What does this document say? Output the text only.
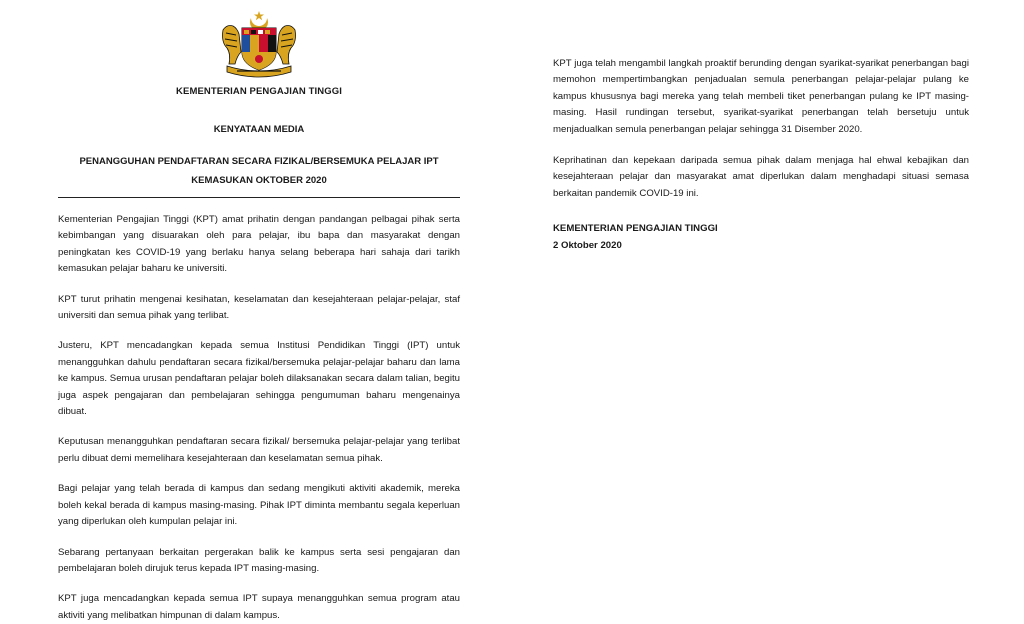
KEMENTERIAN PENGAJIAN TINGGI
KENYATAAN MEDIA
PENANGGUHAN PENDAFTARAN SECARA FIZIKAL/BERSEMUKA PELAJAR IPT
KEMASUKAN OKTOBER 2020

Kementerian Pengajian Tinggi (KPT) amat prihatin dengan pandangan pelbagai pihak serta kebimbangan yang disuarakan oleh para pelajar, ibu bapa dan masyarakat dengan peningkatan kes COVID-19 yang berlaku hanya selang beberapa hari sahaja dari tarikh kemasukan pelajar baharu ke universiti.

KPT turut prihatin mengenai kesihatan, keselamatan dan kesejahteraan pelajar-pelajar, staf universiti dan semua pihak yang terlibat.

Justeru, KPT mencadangkan kepada semua Institusi Pendidikan Tinggi (IPT) untuk menangguhkan dahulu pendaftaran secara fizikal/bersemuka pelajar-pelajar baharu dan lama ke kampus. Semua urusan pendaftaran pelajar boleh dilaksanakan secara dalam talian, begitu juga aspek pengajaran dan pembelajaran sehingga pengumuman baharu mengenainya dibuat.

Keputusan menangguhkan pendaftaran secara fizikal/ bersemuka pelajar-pelajar yang terlibat perlu dibuat demi memelihara kesejahteraan dan keselamatan semua pihak.

Bagi pelajar yang telah berada di kampus dan sedang mengikuti aktiviti akademik, mereka boleh kekal berada di kampus masing-masing. Pihak IPT diminta membantu segala keperluan yang diperlukan oleh kumpulan pelajar ini.

Sebarang pertanyaan berkaitan pergerakan balik ke kampus serta sesi pengajaran dan pembelajaran boleh dirujuk terus kepada IPT masing-masing.

KPT juga mencadangkan kepada semua IPT supaya menangguhkan semua program atau aktiviti yang melibatkan himpunan di dalam kampus.

KPT juga telah mengambil langkah proaktif berunding dengan syarikat-syarikat penerbangan bagi memohon mempertimbangkan penjadualan semula penerbangan pelajar-pelajar pulang ke kampus khususnya bagi mereka yang telah membeli tiket penerbangan pulang ke IPT masing-masing. Hasil rundingan tersebut, syarikat-syarikat penerbangan telah bersetuju untuk menjadualkan semula penerbangan pelajar sehingga 31 Disember 2020.

Keprihatinan dan kepekaan daripada semua pihak dalam menjaga hal ehwal kebajikan dan kesejahteraan pelajar dan masyarakat amat diperlukan dalam menghadapi situasi semasa berkaitan pandemik COVID-19 ini.

KEMENTERIAN PENGAJIAN TINGGI
2 Oktober 2020
